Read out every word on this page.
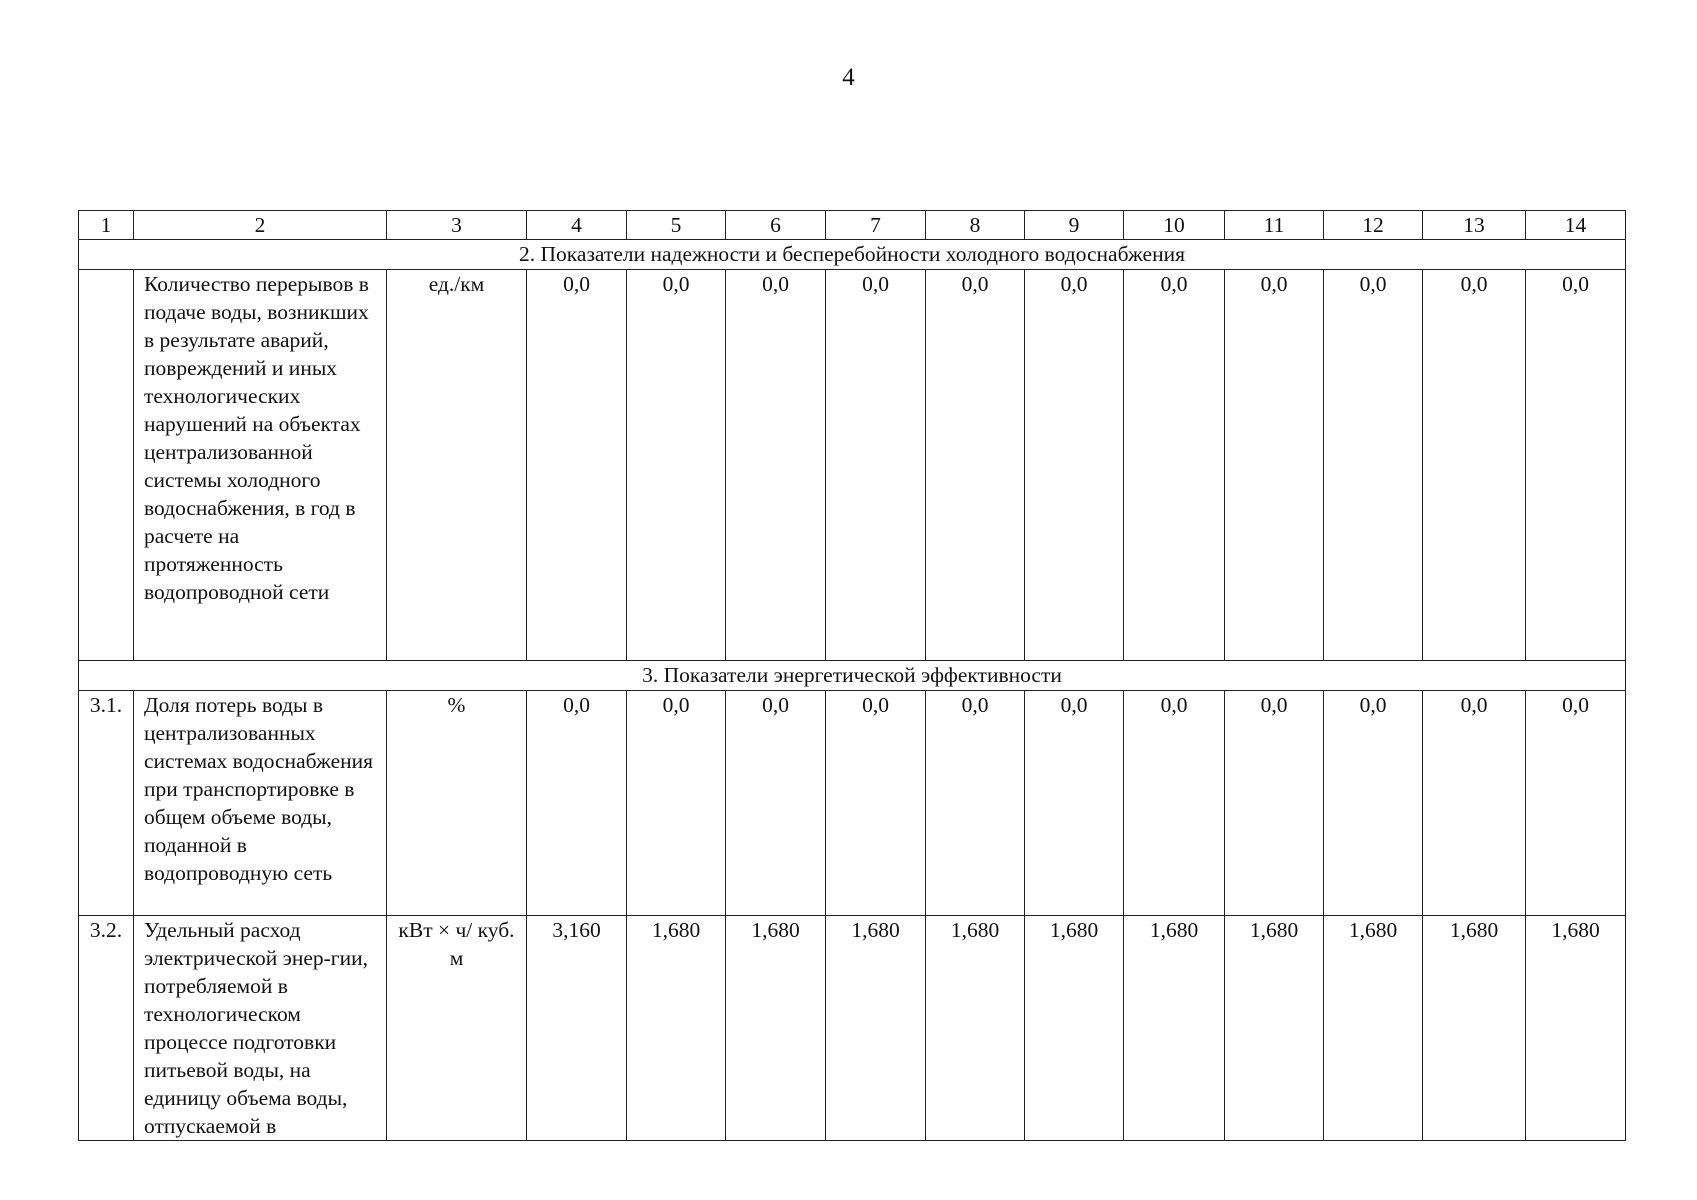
4
1	2	3	4	5	6	7	8	9	10	11	12	13	14
2. Показатели надежности и бесперебойности холодного водоснабжения													
	Количество перерывов в подаче воды, возникших в результате аварий, повреждений и иных технологических нарушений на объектах централизованной системы холодного водоснабжения, в год в расчете на протяженность водопроводной сети	ед./км	0,0	0,0	0,0	0,0	0,0	0,0	0,0	0,0	0,0	0,0	0,0
3. Показатели энергетической эффективности													
3.1.	Доля потерь воды в централизованных системах водоснабжения при транспортировке в общем объеме воды, поданной в водопроводную сеть	%	0,0	0,0	0,0	0,0	0,0	0,0	0,0	0,0	0,0	0,0	0,0
3.2.	Удельный расход электрической энер-гии, потребляемой в технологическом процессе подготовки питьевой воды, на единицу объема воды, отпускаемой в	кВт × ч/ куб. м	3,160	1,680	1,680	1,680	1,680	1,680	1,680	1,680	1,680	1,680	1,680
